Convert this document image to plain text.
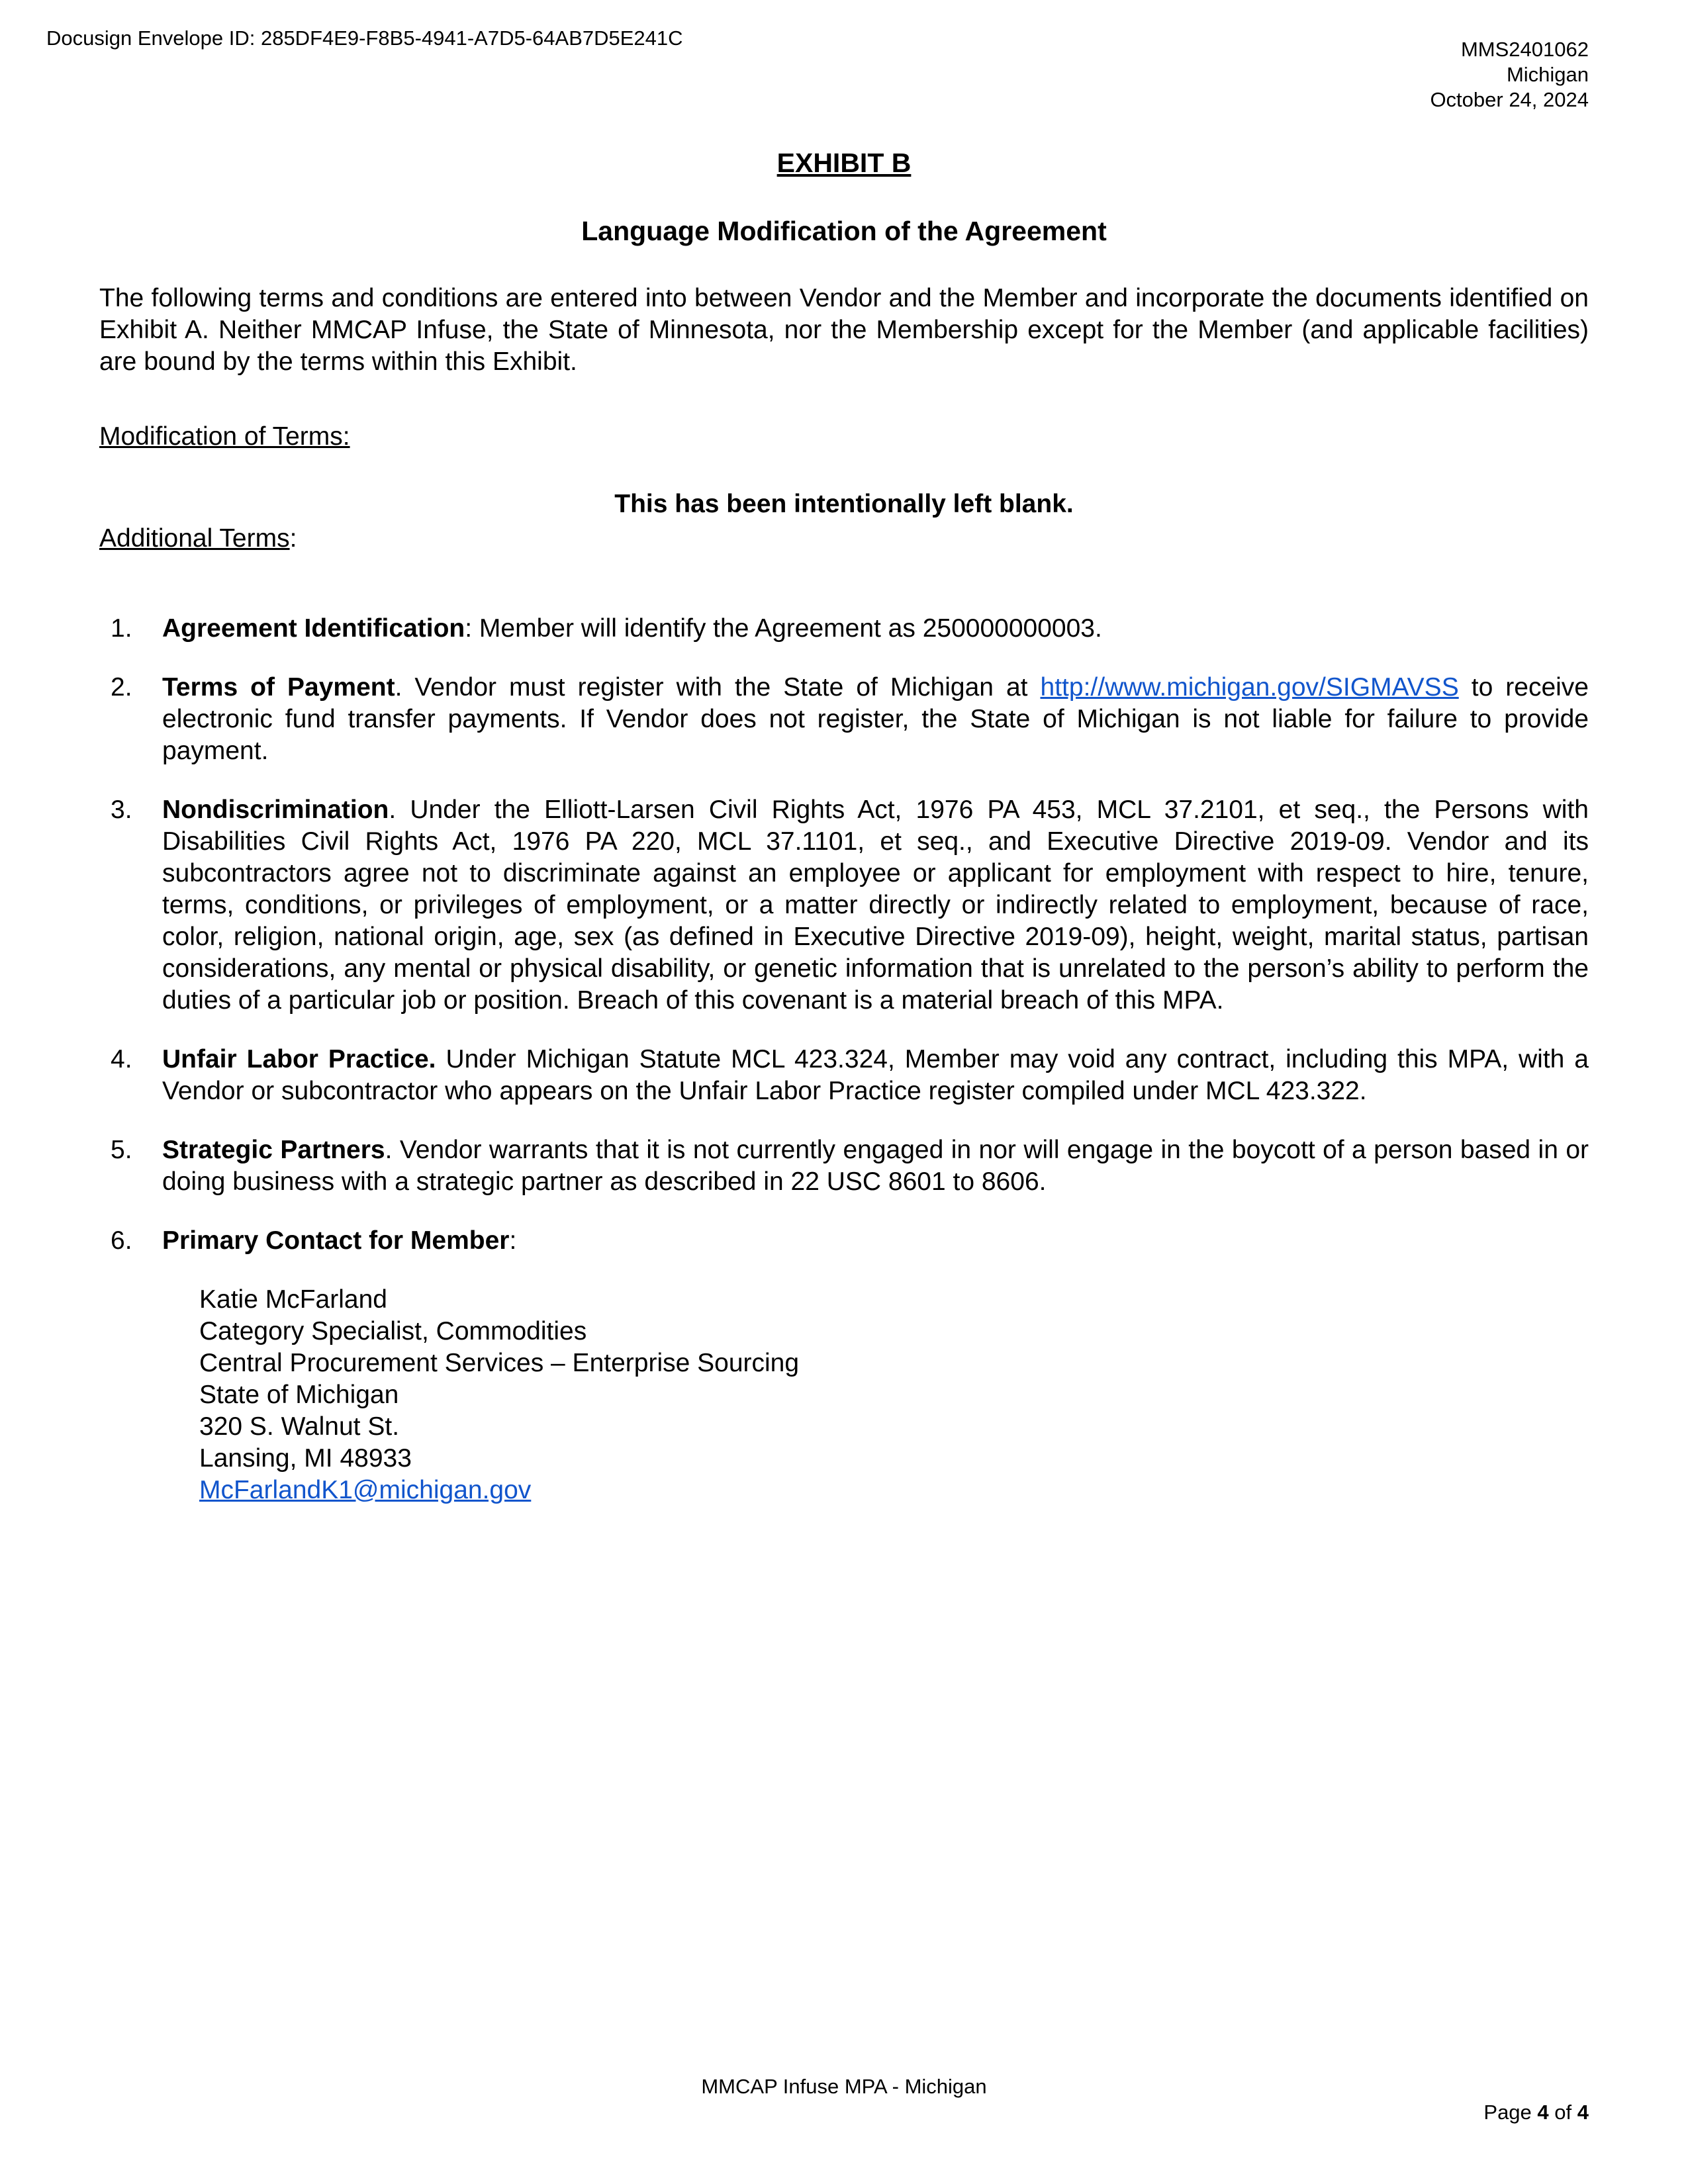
Docusign Envelope ID: 285DF4E9-F8B5-4941-A7D5-64AB7D5E241C	MMS2401062
Michigan
October 24, 2024
EXHIBIT B
Language Modification of the Agreement

The following terms and conditions are entered into between Vendor and the Member and incorporate the documents identified on Exhibit A. Neither MMCAP Infuse, the State of Minnesota, nor the Membership except for the Member (and applicable facilities) are bound by the terms within this Exhibit.

Modification of Terms:
This has been intentionally left blank.
Additional Terms:
1. Agreement Identification: Member will identify the Agreement as 250000000003.
2. Terms of Payment. Vendor must register with the State of Michigan at http://www.michigan.gov/SIGMAVSS to receive electronic fund transfer payments. If Vendor does not register, the State of Michigan is not liable for failure to provide payment.
3. Nondiscrimination. Under the Elliott-Larsen Civil Rights Act, 1976 PA 453, MCL 37.2101, et seq., the Persons with Disabilities Civil Rights Act, 1976 PA 220, MCL 37.1101, et seq., and Executive Directive 2019-09. Vendor and its subcontractors agree not to discriminate against an employee or applicant for employment with respect to hire, tenure, terms, conditions, or privileges of employment, or a matter directly or indirectly related to employment, because of race, color, religion, national origin, age, sex (as defined in Executive Directive 2019-09), height, weight, marital status, partisan considerations, any mental or physical disability, or genetic information that is unrelated to the person’s ability to perform the duties of a particular job or position. Breach of this covenant is a material breach of this MPA.
4. Unfair Labor Practice. Under Michigan Statute MCL 423.324, Member may void any contract, including this MPA, with a Vendor or subcontractor who appears on the Unfair Labor Practice register compiled under MCL 423.322.
5. Strategic Partners. Vendor warrants that it is not currently engaged in nor will engage in the boycott of a person based in or doing business with a strategic partner as described in 22 USC 8601 to 8606.
6. Primary Contact for Member:
Katie McFarland
Category Specialist, Commodities
Central Procurement Services – Enterprise Sourcing
State of Michigan
320 S. Walnut St.
Lansing, MI 48933
McFarlandK1@michigan.gov
MMCAP Infuse MPA - Michigan
Page 4 of 4
